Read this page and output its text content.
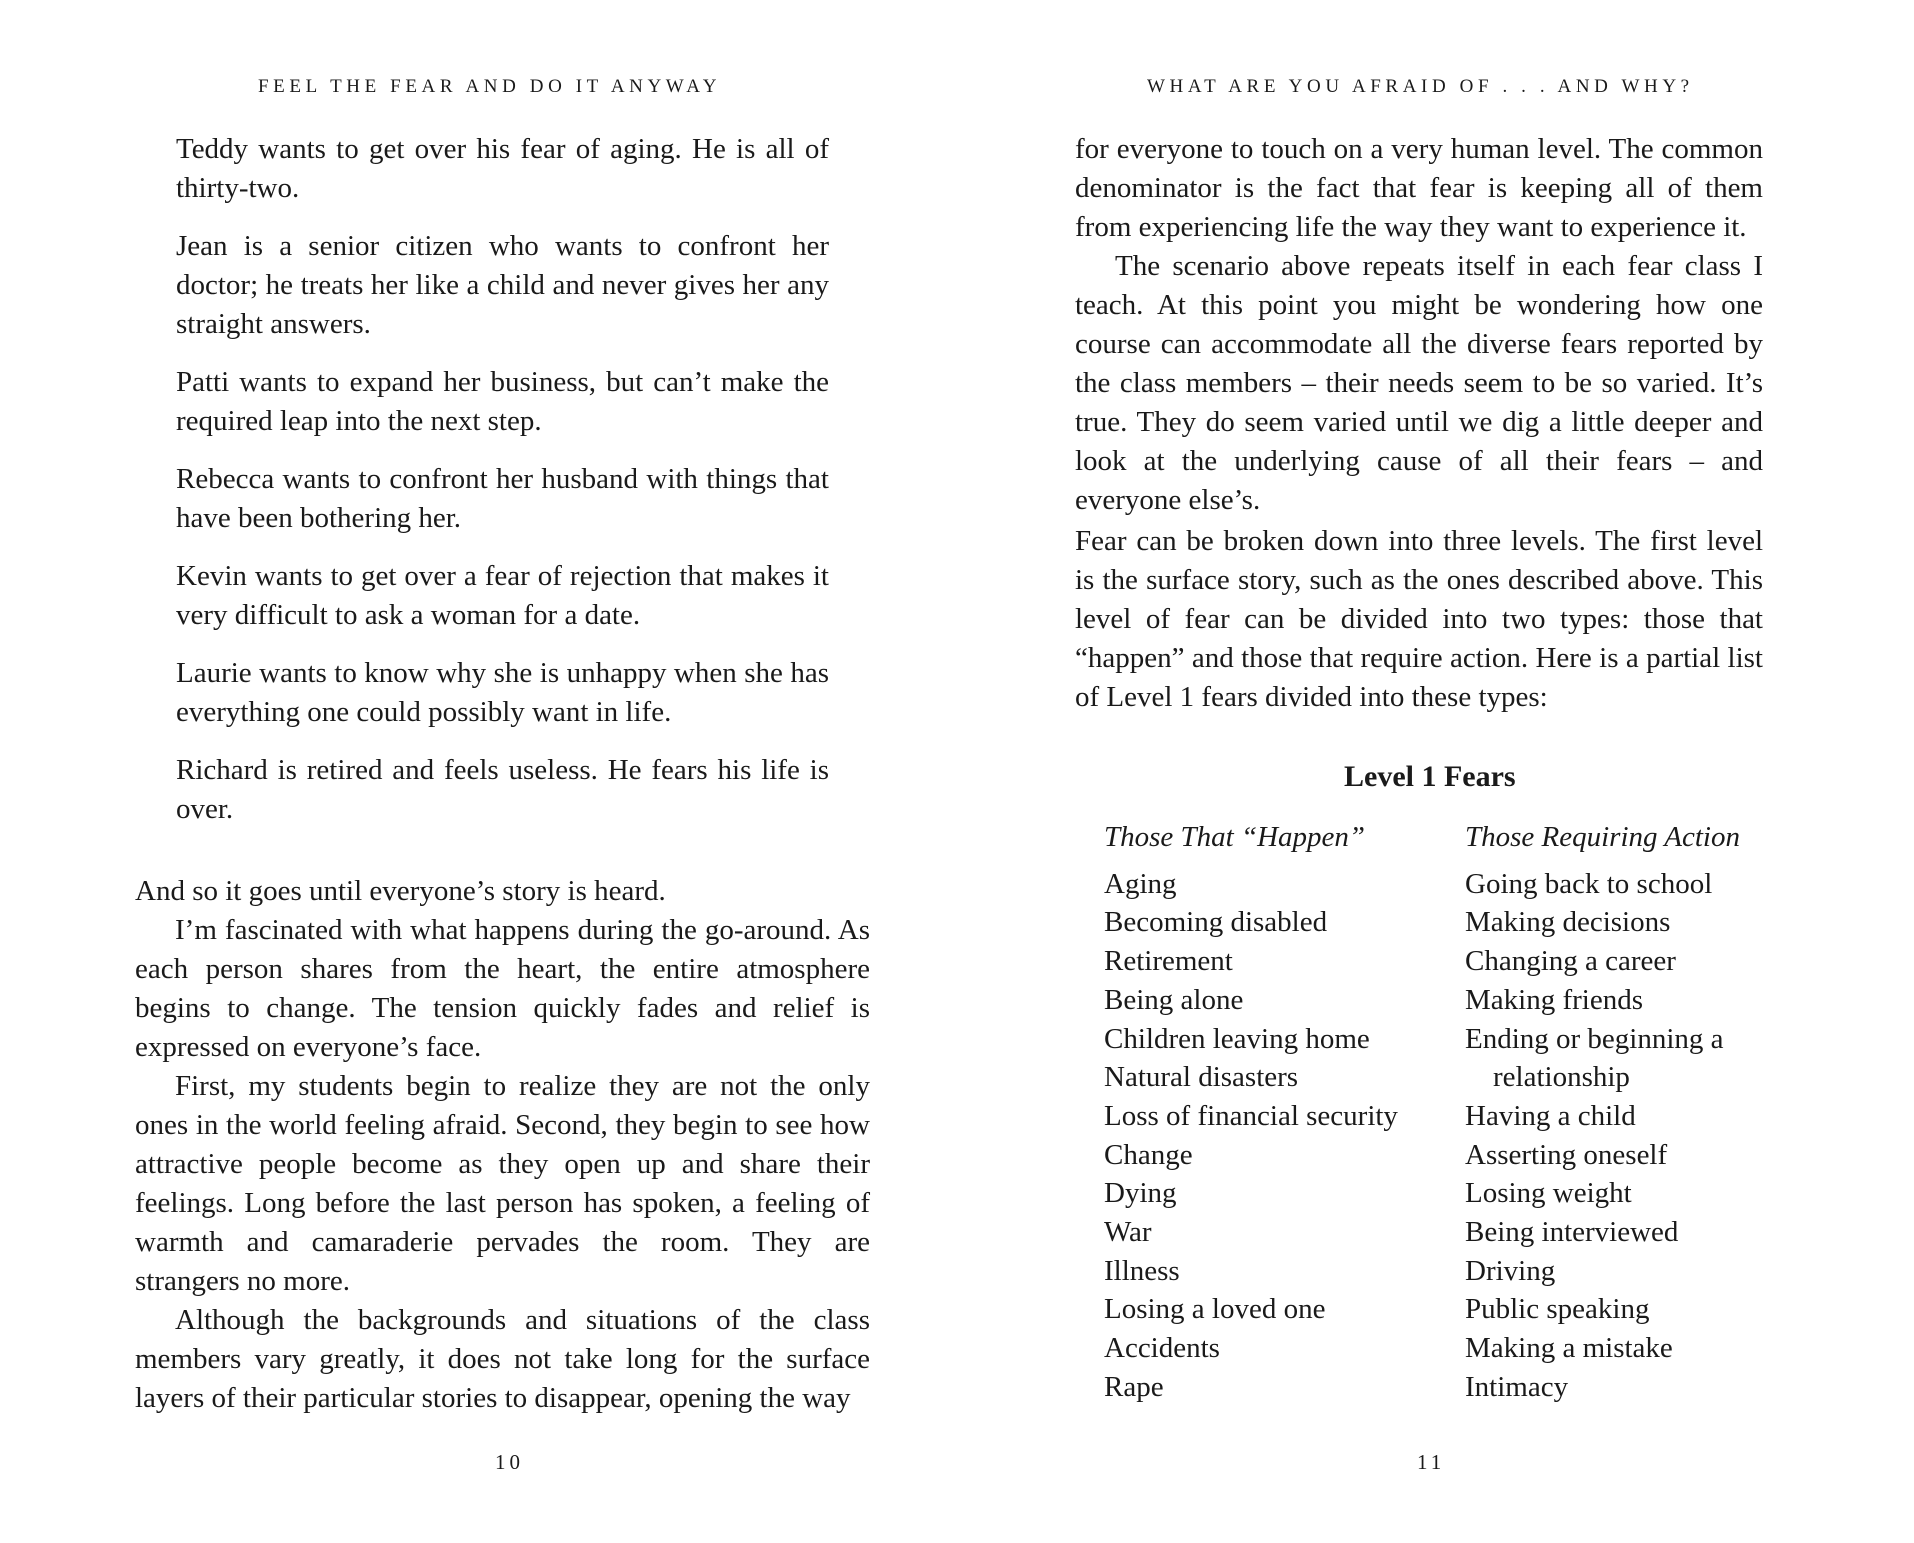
FEEL THE FEAR AND DO IT ANYWAY

Teddy wants to get over his fear of aging. He is all of thirty-two.

Jean is a senior citizen who wants to confront her doctor; he treats her like a child and never gives her any straight answers.

Patti wants to expand her business, but can’t make the required leap into the next step.

Rebecca wants to confront her husband with things that have been bothering her.

Kevin wants to get over a fear of rejection that makes it very difficult to ask a woman for a date.

Laurie wants to know why she is unhappy when she has everything one could possibly want in life.

Richard is retired and feels useless. He fears his life is over.

And so it goes until everyone’s story is heard.

I’m fascinated with what happens during the go-around. As each person shares from the heart, the entire atmosphere begins to change. The tension quickly fades and relief is expressed on everyone’s face.

First, my students begin to realize they are not the only ones in the world feeling afraid. Second, they begin to see how attractive people become as they open up and share their feelings. Long before the last person has spoken, a feeling of warmth and camaraderie pervades the room. They are strangers no more.

Although the backgrounds and situations of the class members vary greatly, it does not take long for the surface layers of their particular stories to disappear, opening the way

10
WHAT ARE YOU AFRAID OF . . . AND WHY?

for everyone to touch on a very human level. The common denominator is the fact that fear is keeping all of them from experiencing life the way they want to experience it.

The scenario above repeats itself in each fear class I teach. At this point you might be wondering how one course can accommodate all the diverse fears reported by the class members – their needs seem to be so varied. It’s true. They do seem varied until we dig a little deeper and look at the underlying cause of all their fears – and everyone else’s.

Fear can be broken down into three levels. The first level is the surface story, such as the ones described above. This level of fear can be divided into two types: those that “happen” and those that require action. Here is a partial list of Level 1 fears divided into these types:

Level 1 Fears
Those That “Happen”
Aging
Becoming disabled
Retirement
Being alone
Children leaving home
Natural disasters
Loss of financial security
Change
Dying
War
Illness
Losing a loved one
Accidents
Rape
Those Requiring Action
Going back to school
Making decisions
Changing a career
Making friends
Ending or beginning a
relationship
Having a child
Asserting oneself
Losing weight
Being interviewed
Driving
Public speaking
Making a mistake
Intimacy
11
